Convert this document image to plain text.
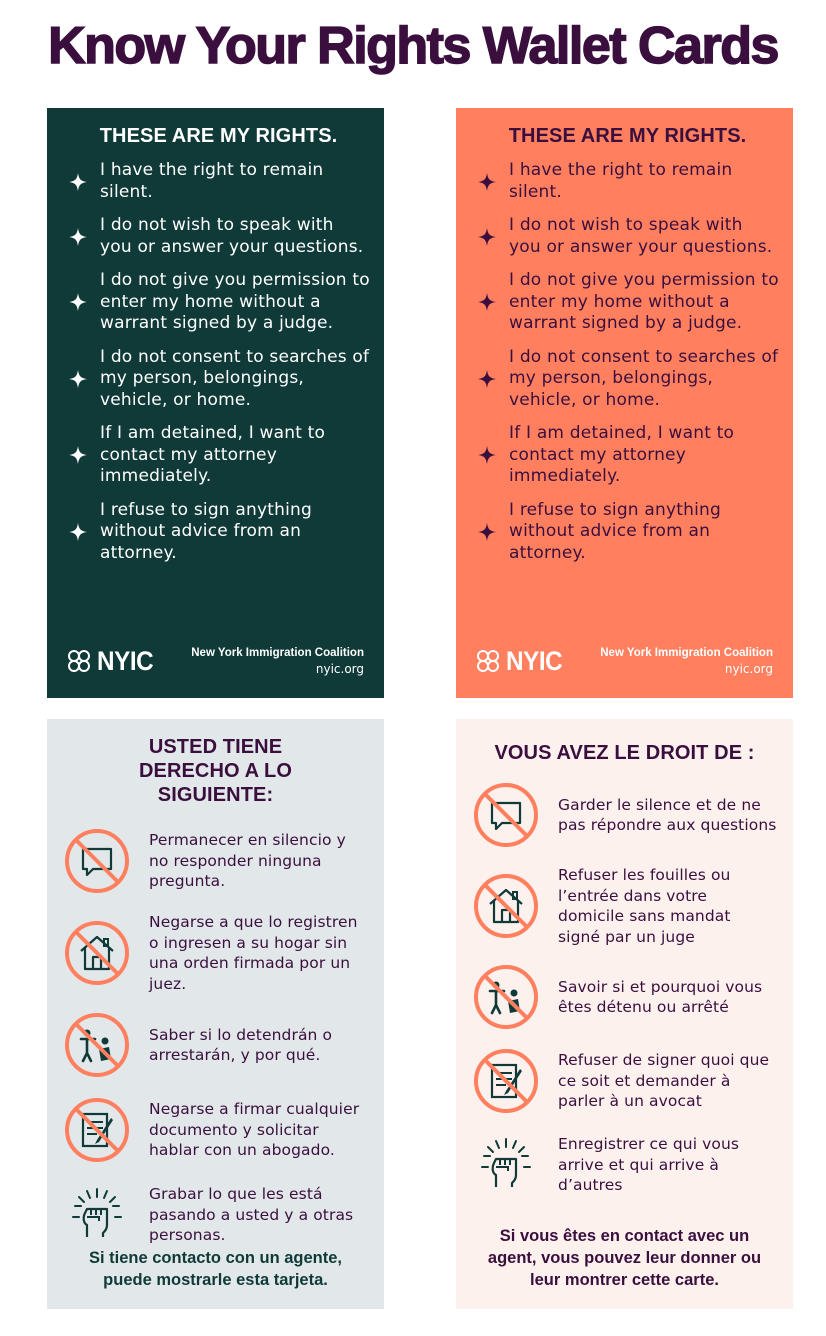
Know Your Rights Wallet Cards
THESE ARE MY RIGHTS.
I have the right to remain silent.
I do not wish to speak with you or answer your questions.
I do not give you permission to enter my home without a warrant signed by a judge.
I do not consent to searches of my person, belongings, vehicle, or home.
If I am detained, I want to contact my attorney immediately.
I refuse to sign anything without advice from an attorney.
NYIC	New York Immigration Coalition
nyic.org
THESE ARE MY RIGHTS.
I have the right to remain silent.
I do not wish to speak with you or answer your questions.
I do not give you permission to enter my home without a warrant signed by a judge.
I do not consent to searches of my person, belongings, vehicle, or home.
If I am detained, I want to contact my attorney immediately.
I refuse to sign anything without advice from an attorney.
NYIC	New York Immigration Coalition
nyic.org
USTED TIENE DERECHO A LO SIGUIENTE:
Permanecer en silencio y no responder ninguna pregunta.
Negarse a que lo registren o ingresen a su hogar sin una orden firmada por un juez.
Saber si lo detendrán o arrestarán, y por qué.
Negarse a firmar cualquier documento y solicitar hablar con un abogado.
Grabar lo que les está pasando a usted y a otras personas.

Si tiene contacto con un agente, puede mostrarle esta tarjeta.

VOUS AVEZ LE DROIT DE :
Garder le silence et de ne pas répondre aux questions
Refuser les fouilles ou l’entrée dans votre domicile sans mandat signé par un juge
Savoir si et pourquoi vous êtes détenu ou arrêté
Refuser de signer quoi que ce soit et demander à parler à un avocat
Enregistrer ce qui vous arrive et qui arrive à d’autres

Si vous êtes en contact avec un agent, vous pouvez leur donner ou leur montrer cette carte.
